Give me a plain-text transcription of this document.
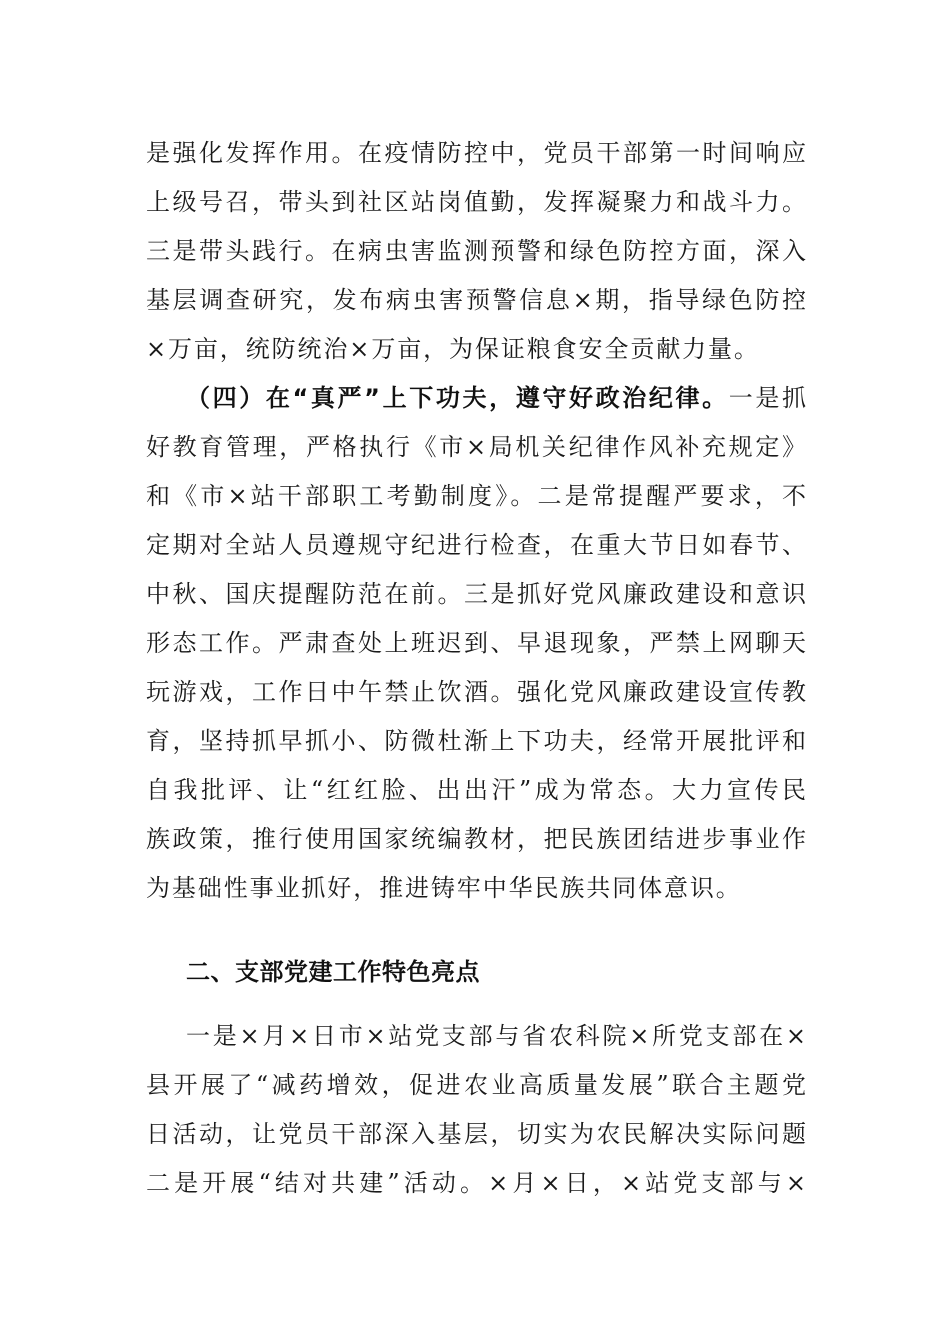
是强化发挥作用。在疫情防控中，党员干部第一时间响应
上级号召，带头到社区站岗值勤，发挥凝聚力和战斗力。
三是带头践行。在病虫害监测预警和绿色防控方面，深入
基层调查研究，发布病虫害预警信息×期，指导绿色防控
×万亩，统防统治×万亩，为保证粮食安全贡献力量。
（四）在“真严”上下功夫，遵守好政治纪律。一是抓
好教育管理，严格执行《市×局机关纪律作风补充规定》
和《市×站干部职工考勤制度》。二是常提醒严要求，不
定期对全站人员遵规守纪进行检查，在重大节日如春节、
中秋、国庆提醒防范在前。三是抓好党风廉政建设和意识
形态工作。严肃查处上班迟到、早退现象，严禁上网聊天
玩游戏，工作日中午禁止饮酒。强化党风廉政建设宣传教
育，坚持抓早抓小、防微杜渐上下功夫，经常开展批评和
自我批评、让“红红脸、出出汗”成为常态。大力宣传民
族政策，推行使用国家统编教材，把民族团结进步事业作
为基础性事业抓好，推进铸牢中华民族共同体意识。
二、支部党建工作特色亮点
一是×月×日市×站党支部与省农科院×所党支部在×
县开展了“减药增效，促进农业高质量发展”联合主题党
日活动，让党员干部深入基层，切实为农民解决实际问题
二是开展“结对共建”活动。×月×日，×站党支部与×
